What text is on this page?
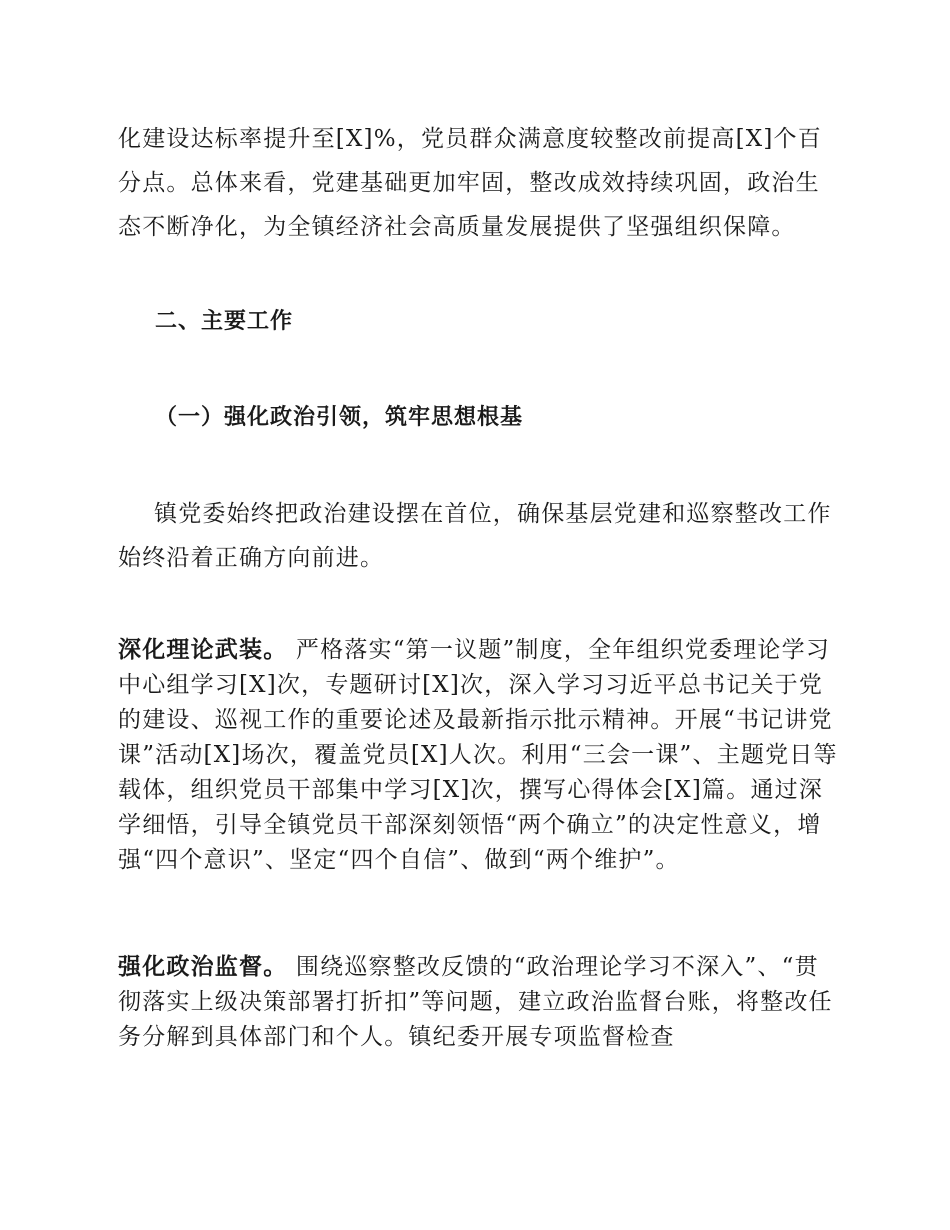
化建设达标率提升至[X]%，党员群众满意度较整改前提高[X]个百分点。总体来看，党建基础更加牢固，整改成效持续巩固，政治生态不断净化，为全镇经济社会高质量发展提供了坚强组织保障。

二、主要工作
（一）强化政治引领，筑牢思想根基

镇党委始终把政治建设摆在首位，确保基层党建和巡察整改工作始终沿着正确方向前进。

深化理论武装。 严格落实“第一议题”制度，全年组织党委理论学习中心组学习[X]次，专题研讨[X]次，深入学习习近平总书记关于党的建设、巡视工作的重要论述及最新指示批示精神。开展“书记讲党课”活动[X]场次，覆盖党员[X]人次。利用“三会一课”、主题党日等载体，组织党员干部集中学习[X]次，撰写心得体会[X]篇。通过深学细悟，引导全镇党员干部深刻领悟“两个确立”的决定性意义，增强“四个意识”、坚定“四个自信”、做到“两个维护”。

强化政治监督。 围绕巡察整改反馈的“政治理论学习不深入”、“贯彻落实上级决策部署打折扣”等问题，建立政治监督台账，将整改任务分解到具体部门和个人。镇纪委开展专项监督检查
